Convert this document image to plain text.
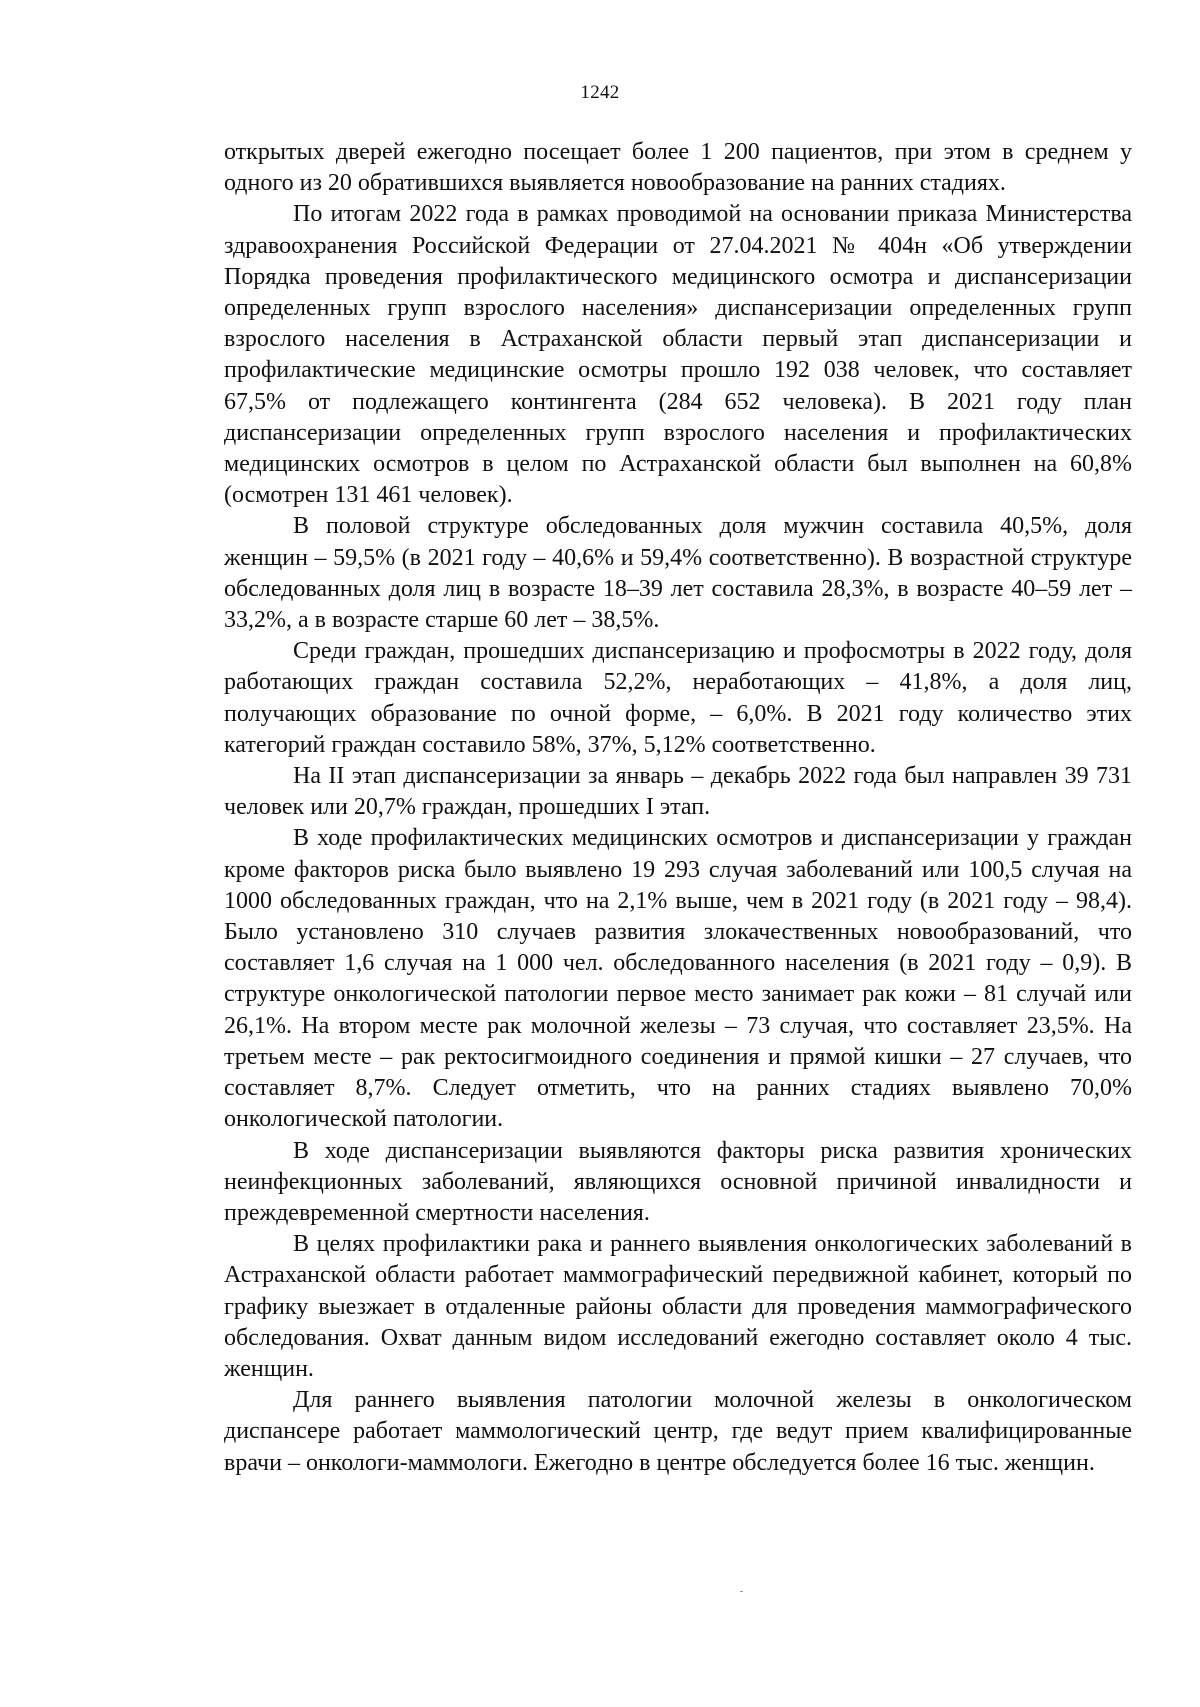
1242

открытых дверей ежегодно посещает более 1 200 пациентов, при этом в среднем у одного из 20 обратившихся выявляется новообразование на ранних стадиях.

По итогам 2022 года в рамках проводимой на основании приказа Министерства здравоохранения Российской Федерации от 27.04.2021 № 404н «Об утверждении Порядка проведения профилактического медицинского осмотра и диспансеризации определенных групп взрослого населения» диспансеризации определенных групп взрослого населения в Астраханской области первый этап диспансеризации и профилактические медицинские осмотры прошло 192 038 человек, что составляет 67,5% от подлежащего контингента (284 652 человека). В 2021 году план диспансеризации определенных групп взрослого населения и профилактических медицинских осмотров в целом по Астраханской области был выполнен на 60,8% (осмотрен 131 461 человек).

В половой структуре обследованных доля мужчин составила 40,5%, доля женщин – 59,5% (в 2021 году – 40,6% и 59,4% соответственно). В возрастной структуре обследованных доля лиц в возрасте 18–39 лет составила 28,3%, в возрасте 40–59 лет – 33,2%, а в возрасте старше 60 лет – 38,5%.

Среди граждан, прошедших диспансеризацию и профосмотры в 2022 году, доля работающих граждан составила 52,2%, неработающих – 41,8%, а доля лиц, получающих образование по очной форме, – 6,0%. В 2021 году количество этих категорий граждан составило 58%, 37%, 5,12% соответственно.

На II этап диспансеризации за январь – декабрь 2022 года был направлен 39 731 человек или 20,7% граждан, прошедших I этап.

В ходе профилактических медицинских осмотров и диспансеризации у граждан кроме факторов риска было выявлено 19 293 случая заболеваний или 100,5 случая на 1000 обследованных граждан, что на 2,1% выше, чем в 2021 году (в 2021 году – 98,4). Было установлено 310 случаев развития злокачественных новообразований, что составляет 1,6 случая на 1 000 чел. обследованного населения (в 2021 году – 0,9). В структуре онкологической патологии первое место занимает рак кожи – 81 случай или 26,1%. На втором месте рак молочной железы – 73 случая, что составляет 23,5%. На третьем месте – рак ректосигмоидного соединения и прямой кишки – 27 случаев, что составляет 8,7%. Следует отметить, что на ранних стадиях выявлено 70,0% онкологической патологии.

В ходе диспансеризации выявляются факторы риска развития хронических неинфекционных заболеваний, являющихся основной причиной инвалидности и преждевременной смертности населения.

В целях профилактики рака и раннего выявления онкологических заболеваний в Астраханской области работает маммографический передвижной кабинет, который по графику выезжает в отдаленные районы области для проведения маммографического обследования. Охват данным видом исследований ежегодно составляет около 4 тыс. женщин.

Для раннего выявления патологии молочной железы в онкологическом диспансере работает маммологический центр, где ведут прием квалифицированные врачи – онкологи-маммологи. Ежегодно в центре обследуется более 16 тыс. женщин.
